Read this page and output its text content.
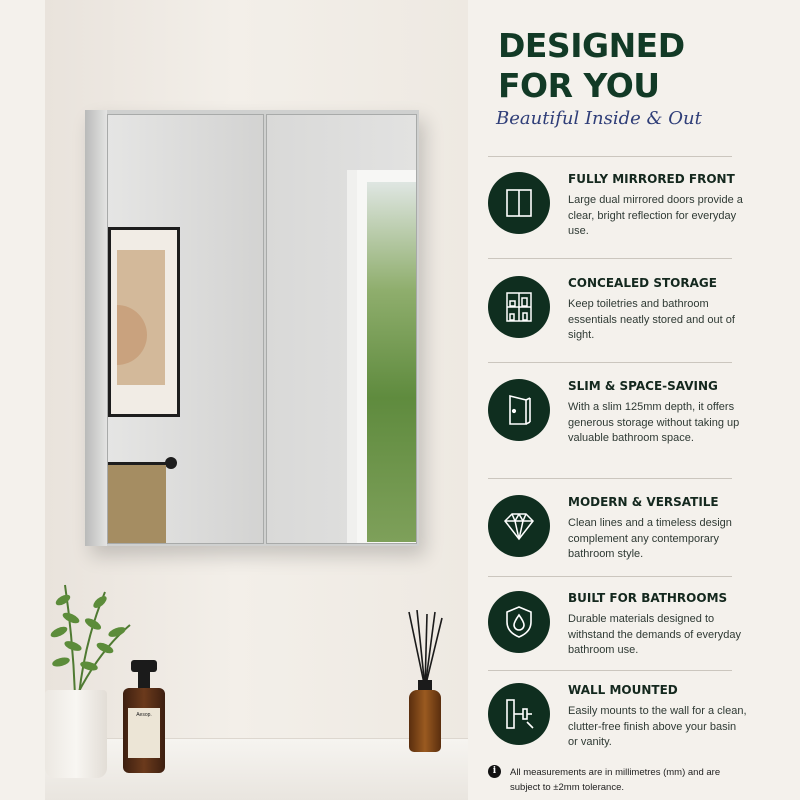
Aesop.
DESIGNED
FOR YOU
Beautiful Inside & Out
FULLY MIRRORED FRONT
Large dual mirrored doors provide a clear, bright reflection for everyday use.
CONCEALED STORAGE
Keep toiletries and bathroom essentials neatly stored and out of sight.
SLIM & SPACE-SAVING
With a slim 125mm depth, it offers generous storage without taking up valuable bathroom space.
MODERN & VERSATILE
Clean lines and a timeless design complement any contemporary bathroom style.
BUILT FOR BATHROOMS
Durable materials designed to withstand the demands of everyday bathroom use.
WALL MOUNTED
Easily mounts to the wall for a clean, clutter-free finish above your basin or vanity.
i	All measurements are in millimetres (mm) and are subject to ±2mm tolerance.
